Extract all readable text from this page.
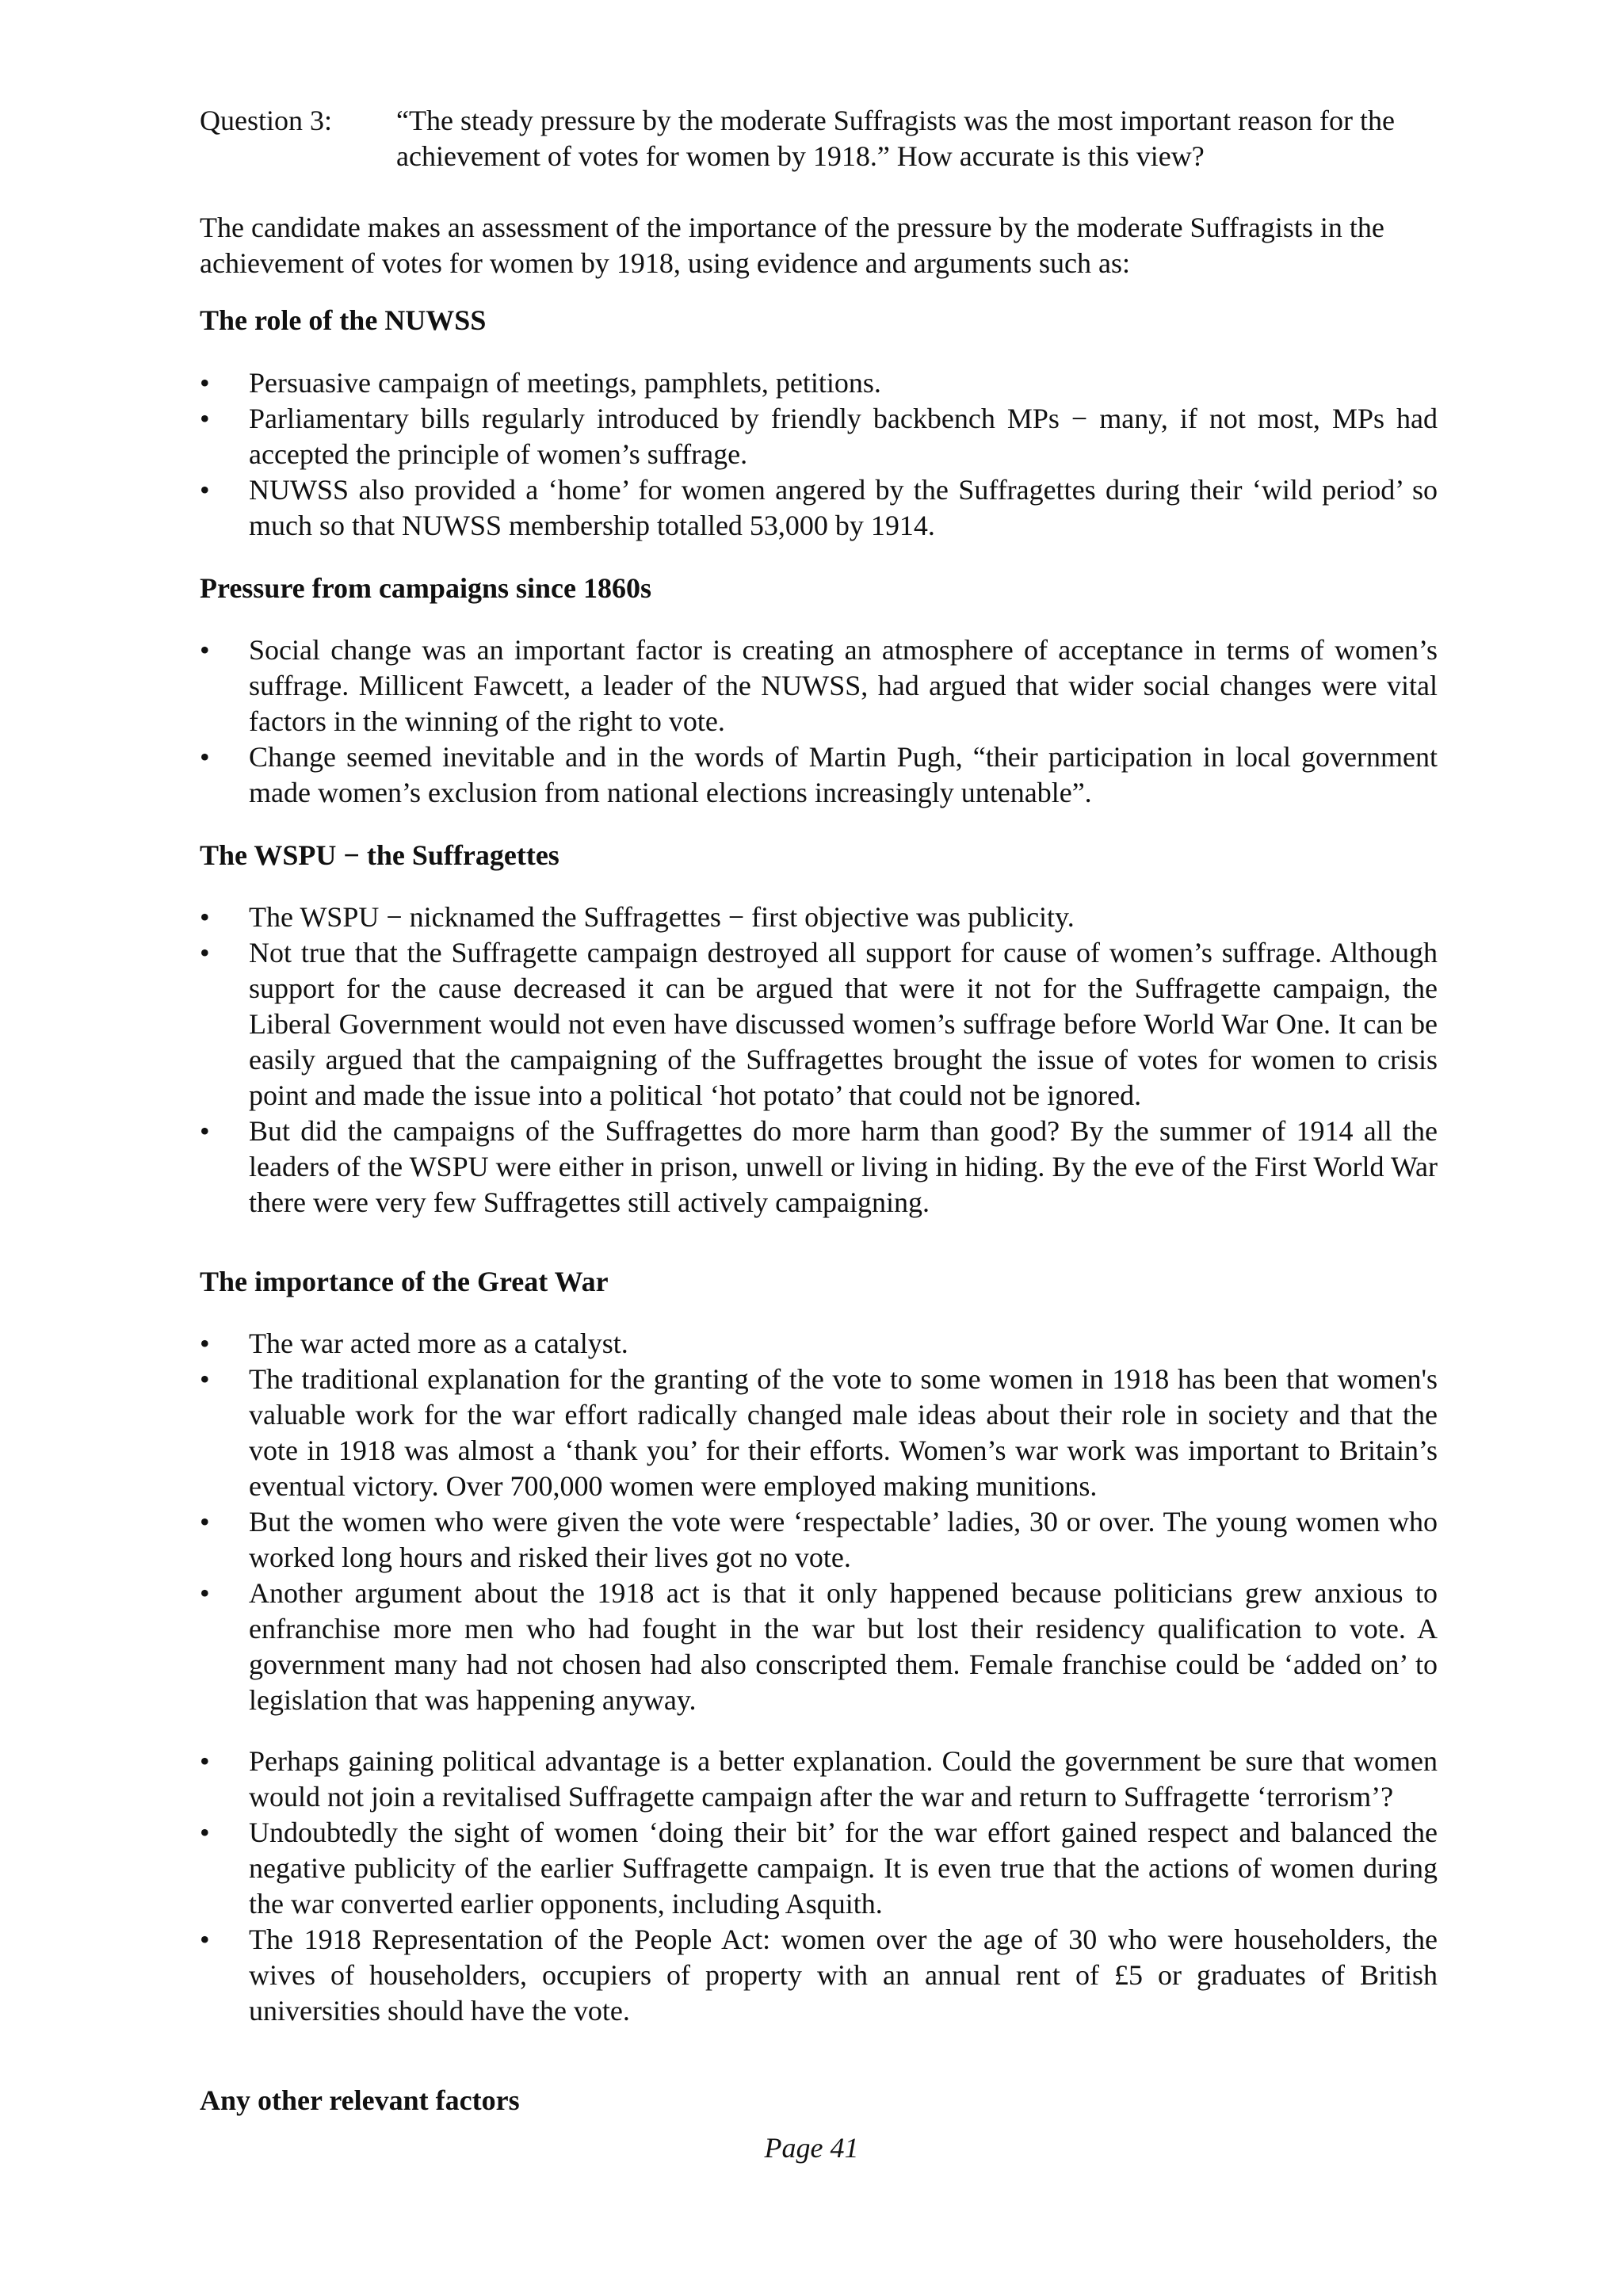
Question 3:	“The steady pressure by the moderate Suffragists was the most important reason for the achievement of votes for women by 1918.” How accurate is this view?
The candidate makes an assessment of the importance of the pressure by the moderate Suffragists in the achievement of votes for women by 1918, using evidence and arguments such as:
The role of the NUWSS
•	Persuasive campaign of meetings, pamphlets, petitions.
•	Parliamentary bills regularly introduced by friendly backbench MPs − many, if not most, MPs had accepted the principle of women’s suffrage.
•	NUWSS also provided a ‘home’ for women angered by the Suffragettes during their ‘wild period’ so much so that NUWSS membership totalled 53,000 by 1914.
Pressure from campaigns since 1860s
•	Social change was an important factor is creating an atmosphere of acceptance in terms of women’s suffrage. Millicent Fawcett, a leader of the NUWSS, had argued that wider social changes were vital factors in the winning of the right to vote.
•	Change seemed inevitable and in the words of Martin Pugh, “their participation in local government made women’s exclusion from national elections increasingly untenable”.
The WSPU − the Suffragettes
•	The WSPU − nicknamed the Suffragettes − first objective was publicity.
•	Not true that the Suffragette campaign destroyed all support for cause of women’s suffrage. Although support for the cause decreased it can be argued that were it not for the Suffragette campaign, the Liberal Government would not even have discussed women’s suffrage before World War One. It can be easily argued that the campaigning of the Suffragettes brought the issue of votes for women to crisis point and made the issue into a political ‘hot potato’ that could not be ignored.
•	But did the campaigns of the Suffragettes do more harm than good? By the summer of 1914 all the leaders of the WSPU were either in prison, unwell or living in hiding. By the eve of the First World War there were very few Suffragettes still actively campaigning.
The importance of the Great War
•	The war acted more as a catalyst.
•	The traditional explanation for the granting of the vote to some women in 1918 has been that women's valuable work for the war effort radically changed male ideas about their role in society and that the vote in 1918 was almost a ‘thank you’ for their efforts. Women’s war work was important to Britain’s eventual victory. Over 700,000 women were employed making munitions.
•	But the women who were given the vote were ‘respectable’ ladies, 30 or over. The young women who worked long hours and risked their lives got no vote.
•	Another argument about the 1918 act is that it only happened because politicians grew anxious to enfranchise more men who had fought in the war but lost their residency qualification to vote. A government many had not chosen had also conscripted them. Female franchise could be ‘added on’ to legislation that was happening anyway.
•	Perhaps gaining political advantage is a better explanation. Could the government be sure that women would not join a revitalised Suffragette campaign after the war and return to Suffragette ‘terrorism’?
•	Undoubtedly the sight of women ‘doing their bit’ for the war effort gained respect and balanced the negative publicity of the earlier Suffragette campaign. It is even true that the actions of women during the war converted earlier opponents, including Asquith.
•	The 1918 Representation of the People Act: women over the age of 30 who were householders, the wives of householders, occupiers of property with an annual rent of £5 or graduates of British universities should have the vote.
Any other relevant factors
Page 41
